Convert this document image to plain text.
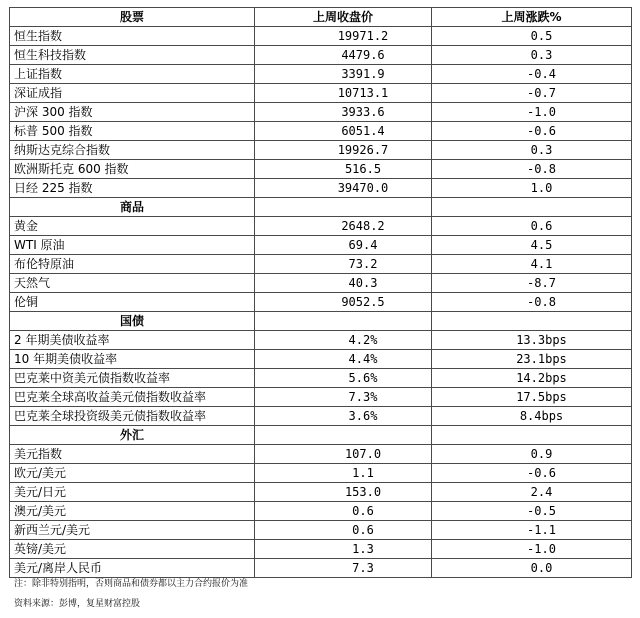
股票	上周收盘价	上周涨跌%
恒生指数	19971.2	0.5
恒生科技指数	4479.6	0.3
上证指数	3391.9	-0.4
深证成指	10713.1	-0.7
沪深 300 指数	3933.6	-1.0
标普 500 指数	6051.4	-0.6
纳斯达克综合指数	19926.7	0.3
欧洲斯托克 600 指数	516.5	-0.8
日经 225 指数	39470.0	1.0
商品		
黄金	2648.2	0.6
WTI 原油	69.4	4.5
布伦特原油	73.2	4.1
天然气	40.3	-8.7
伦铜	9052.5	-0.8
国债		
2 年期美债收益率	4.2%	13.3bps
10 年期美债收益率	4.4%	23.1bps
巴克莱中资美元债指数收益率	5.6%	14.2bps
巴克莱全球高收益美元债指数收益率	7.3%	17.5bps
巴克莱全球投资级美元债指数收益率	3.6%	8.4bps
外汇		
美元指数	107.0	0.9
欧元/美元	1.1	-0.6
美元/日元	153.0	2.4
澳元/美元	0.6	-0.5
新西兰元/美元	0.6	-1.1
英镑/美元	1.3	-1.0
美元/离岸人民币	7.3	0.0
注：除非特别指明，否则商品和债券都以主力合约报价为准
资料来源：彭博，复星财富控股
